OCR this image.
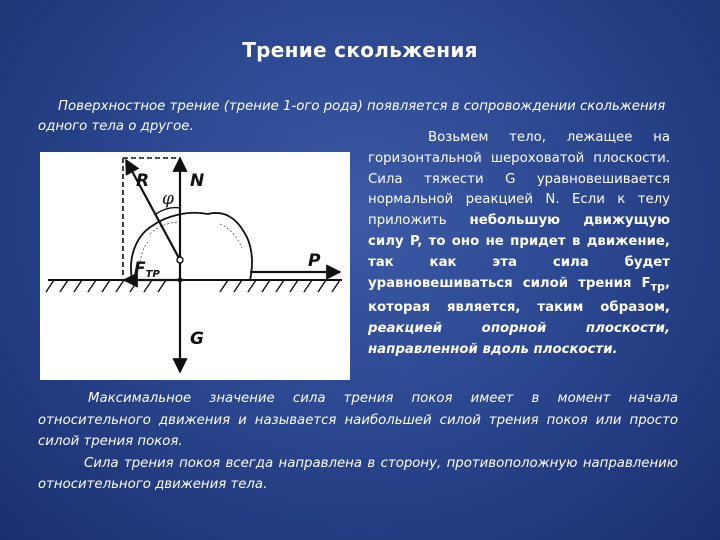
Трение скольжения
Поверхностное трение (трение 1-ого рода) появляется в сопровождении скольжения одного тела о другое.
R N
φ
FТР
P
G
Возьмем тело, лежащее на горизонтальной шероховатой плоскости. Сила тяжести G уравновешивается нормальной реакцией N. Если к телу приложить небольшую движущую силу P, то оно не придет в движение, так как эта сила будет уравновешиваться силой трения $F_{тр}$, которая является, таким образом, реакцией опорной плоскости, направленной вдоль плоскости.
Максимальное значение сила трения покоя имеет в момент начала относительного движения и называется наибольшей силой трения покоя или просто силой трения покоя.
Сила трения покоя всегда направлена в сторону, противоположную направлению относительного движения тела.
